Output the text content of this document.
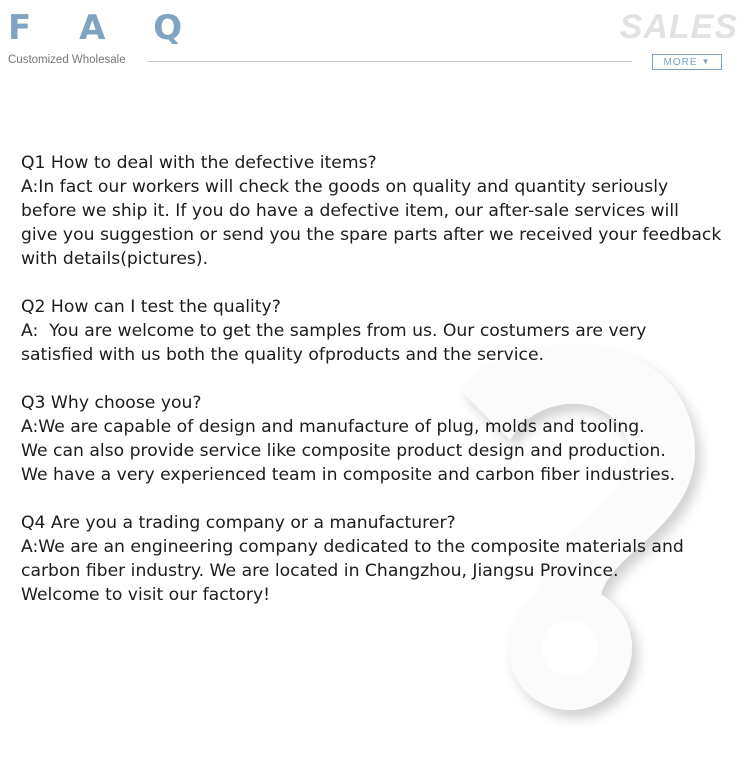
F A Q
Customized Wholesale
SALES
MORE ▼

Q1 How to deal with the defective items?

A:In fact our workers will check the goods on quality and quantity seriously

before we ship it. If you do have a defective item, our after-sale services will

give you suggestion or send you the spare parts after we received your feedback

with details(pictures).

Q2 How can I test the quality?

A:  You are welcome to get the samples from us. Our costumers are very

satisfied with us both the quality ofproducts and the service.

Q3 Why choose you?

A:We are capable of design and manufacture of plug, molds and tooling.

We can also provide service like composite product design and production.

We have a very experienced team in composite and carbon fiber industries.

Q4 Are you a trading company or a manufacturer?

A:We are an engineering company dedicated to the composite materials and

carbon fiber industry. We are located in Changzhou, Jiangsu Province.

Welcome to visit our factory!
